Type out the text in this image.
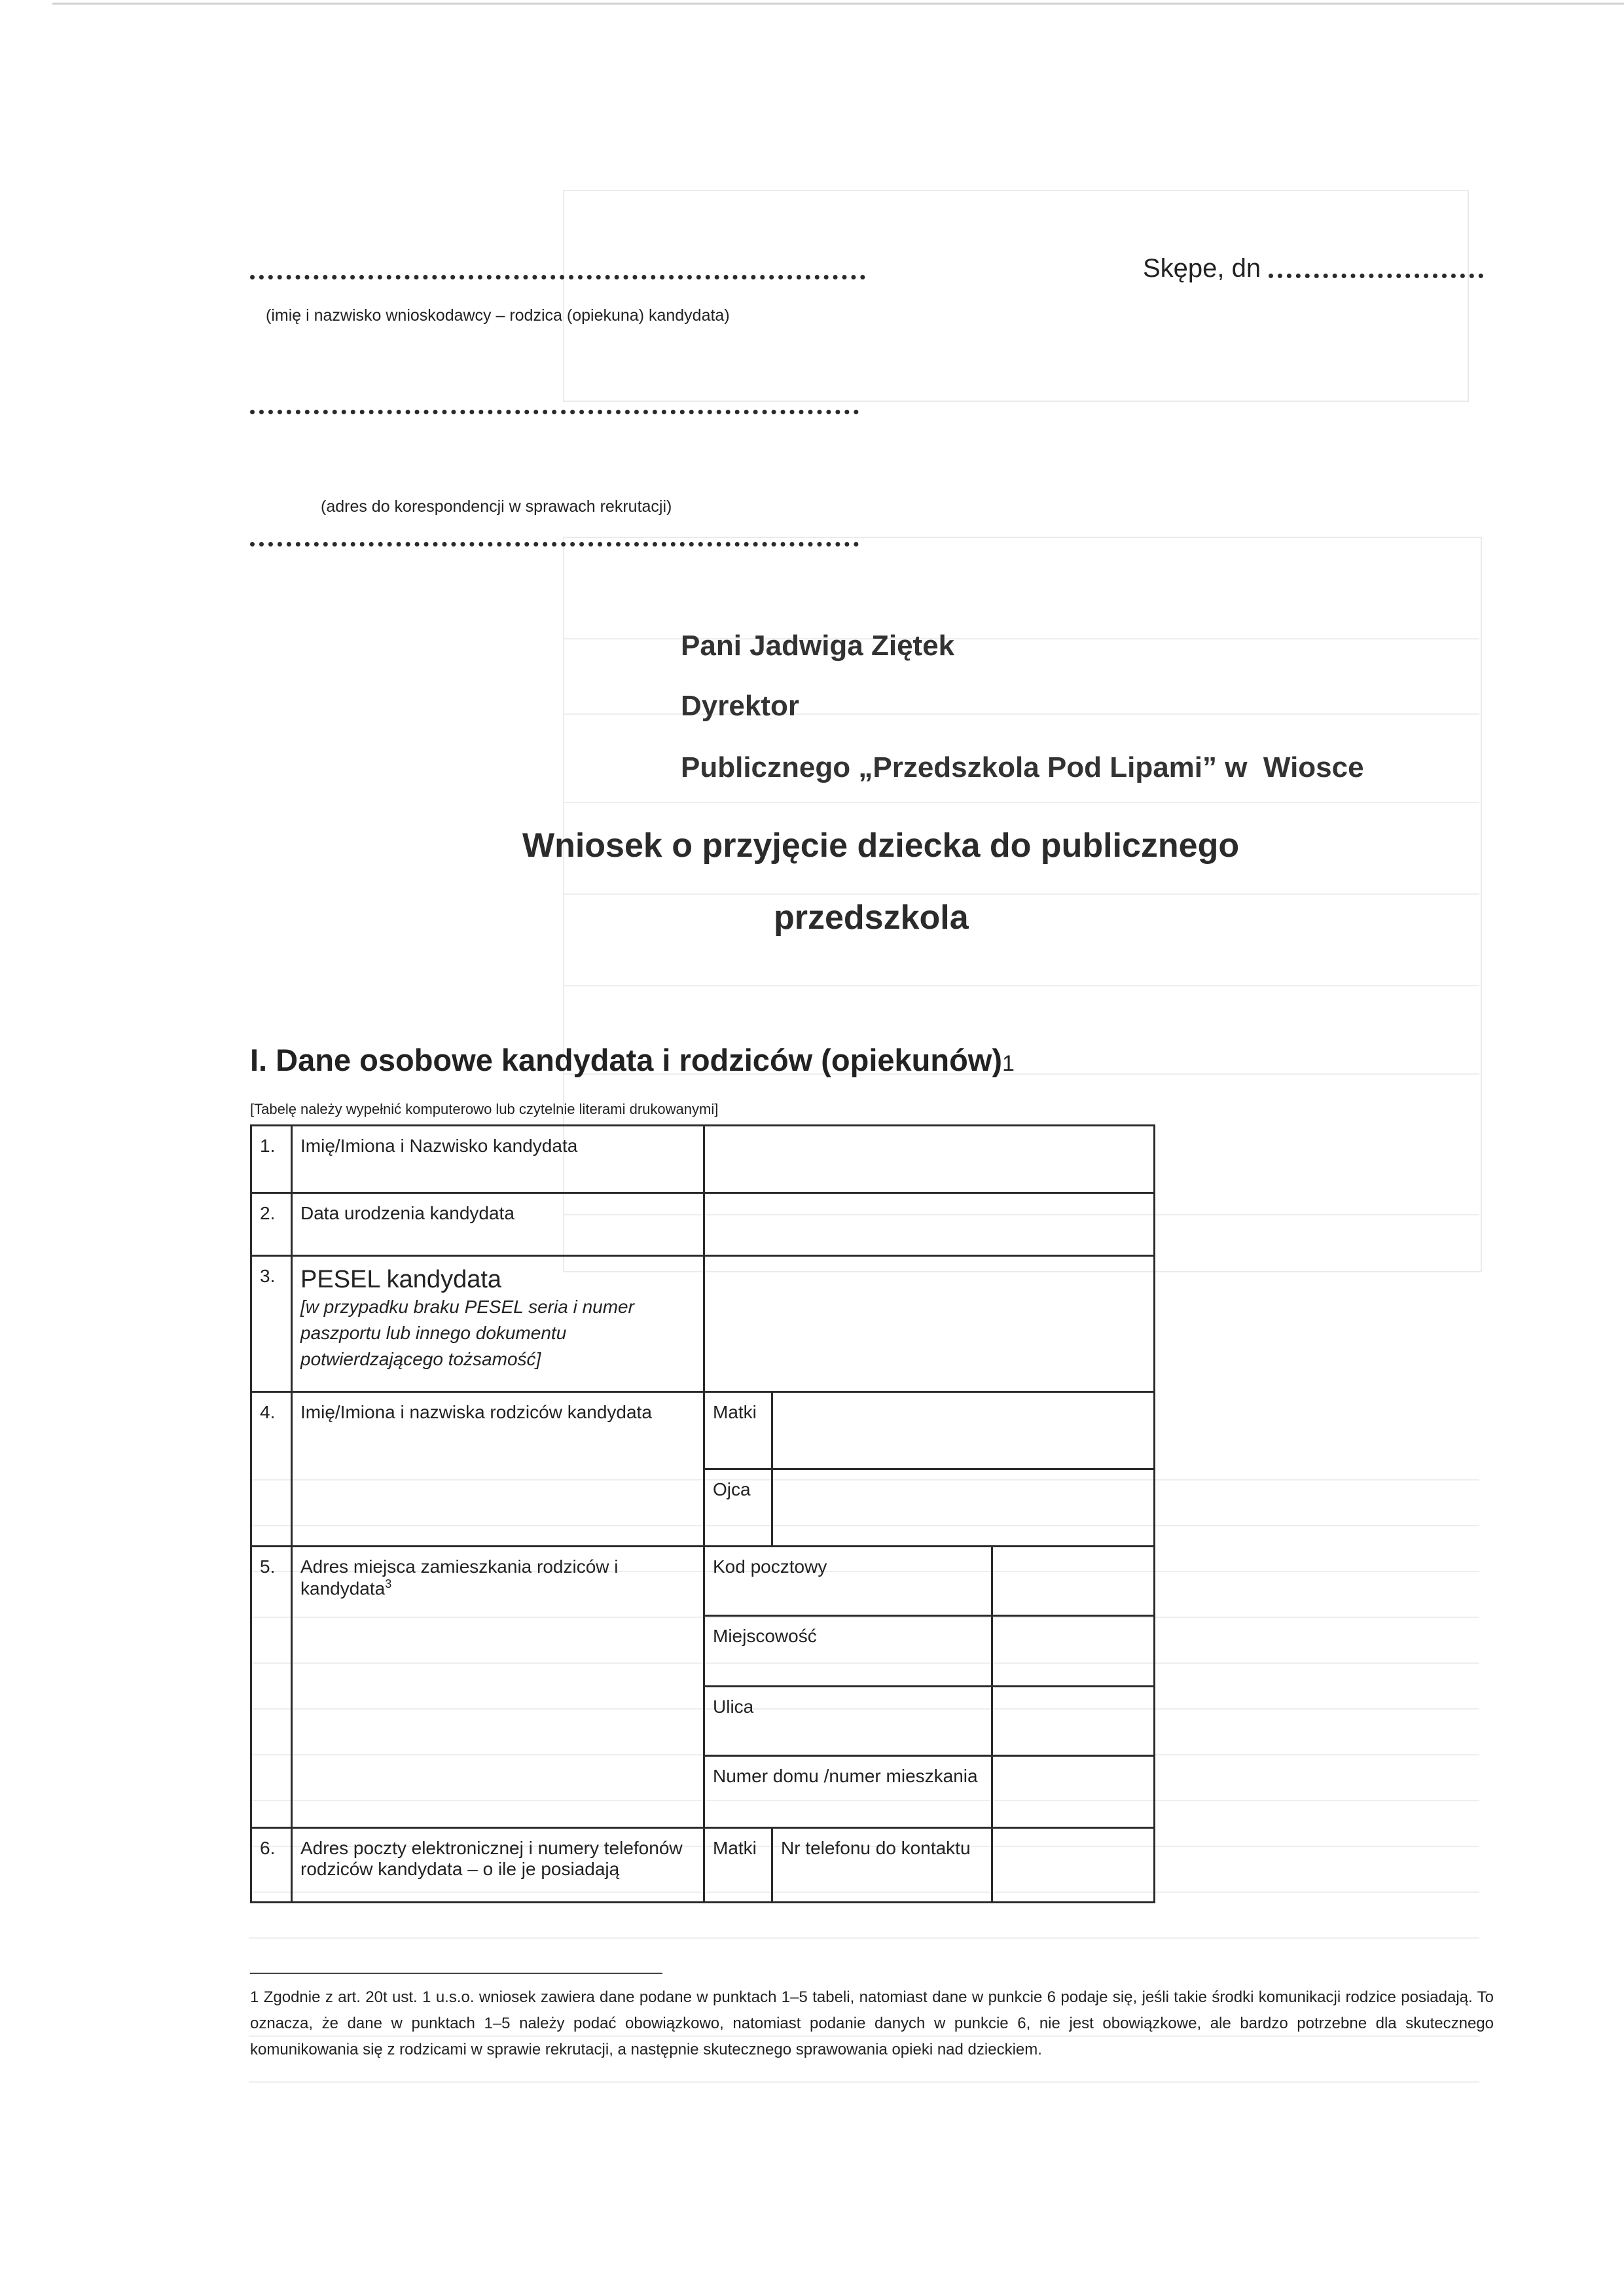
(imię i nazwisko wnioskodawcy – rodzica (opiekuna) kandydata)
Skępe, dn
(adres do korespondencji w sprawach rekrutacji)
Pani Jadwiga Ziętek
Dyrektor
Publicznego „Przedszkola Pod Lipami” w  Wiosce
Wniosek o przyjęcie dziecka do publicznego
przedszkola
I. Dane osobowe kandydata i rodziców (opiekunów)1
[Tabelę należy wypełnić komputerowo lub czytelnie literami drukowanymi]
1.	Imię/Imiona i Nazwisko kandydata			
2.	Data urodzenia kandydata			
3.	PESEL kandydata
[w przypadku braku PESEL seria i numer paszportu lub innego dokumentu potwierdzającego tożsamość]			

4.	Imię/Imiona i nazwiska rodziców kandydata	Matki		
		Ojca		
5.	Adres miejsca zamieszkania rodziców i kandydata$^3$	Kod pocztowy		
		Miejscowość		
		Ulica		
		Numer domu /numer mieszkania		
6.	Adres poczty elektronicznej i numery telefonów rodziców kandydata – o ile je posiadają	Matki	Nr telefonu do kontaktu	
1 Zgodnie z art. 20t ust. 1 u.s.o. wniosek zawiera dane podane w punktach 1–5 tabeli, natomiast dane w punkcie 6 podaje się, jeśli takie środki komunikacji rodzice posiadają. To oznacza, że dane w punktach 1–5 należy podać obowiązkowo, natomiast podanie danych w punkcie 6, nie jest obowiązkowe, ale bardzo potrzebne dla skutecznego komunikowania się z rodzicami w sprawie rekrutacji, a następnie skutecznego sprawowania opieki nad dzieckiem.
